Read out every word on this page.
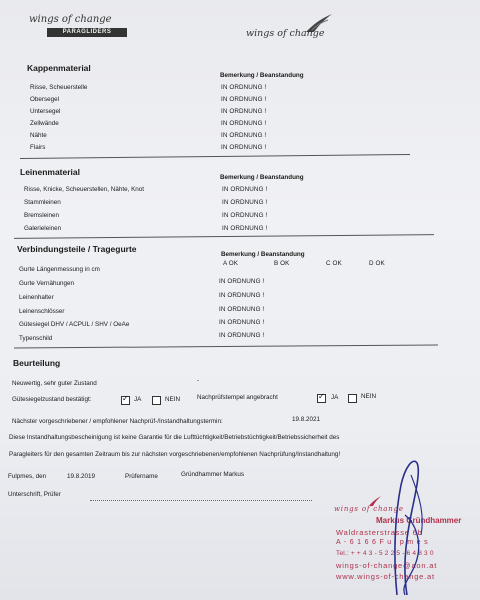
wings of change
PARAGLIDERS	wings of change
Kappenmaterial
Bemerkung / Beanstandung
Risse, Scheuerstelle	IN ORDNUNG !
Obersegel	IN ORDNUNG !
Untersegel	IN ORDNUNG !
Zellwände	IN ORDNUNG !
Nähte	IN ORDNUNG !
Flairs	IN ORDNUNG !
Leinenmaterial
Bemerkung / Beanstandung
Risse, Knicke, Scheuerstellen, Nähte, Knot	IN ORDNUNG !
Stammleinen	IN ORDNUNG !
Bremsleinen	IN ORDNUNG !
Galerieleinen	IN ORDNUNG !
Verbindungsteile / Tragegurte
Bemerkung / Beanstandung
A OK	B OK	C OK	D OK
Gurte Längenmessung in cm
Gurte Vernähungen	IN ORDNUNG !
Leinenhalter	IN ORDNUNG !
Leinenschlösser	IN ORDNUNG !
Gütesiegel DHV / ACPUL / SHV / OeAe	IN ORDNUNG !
Typenschild	IN ORDNUNG !
Beurteilung
Neuwertig, sehr guter Zustand	-
Gütesiegelzustand bestätigt: ✓	JA	NEIN	Nachprüfstempel angebracht ✓	JA	NEIN
Nächster vorgeschriebener / empfohlener Nachprüf-/Instandhaltungstermin:	19.8.2021
Diese Instandhaltungsbescheinigung ist keine Garantie für die Lufttüchtigkeit/Betriebstüchtigkeit/Betriebssicherheit des
Paragleiters für den gesamten Zeitraum bis zur nächsten vorgeschriebenen/empfohlenen Nachprüfung/Instandhaltung!
Fulpmes, den	19.8.2019	Prüfername	Gründhammer Markus
Unterschrift, Prüfer
wings of change
Markus Gründhammer
Waldrasterstrasse 6b
A - 6 1 6 6 F u l p m e s
Tel.: + + 4 3 - 5 2 2 5 - 6 4 8 3 0
wings-of-change@aon.at
www.wings-of-change.at
